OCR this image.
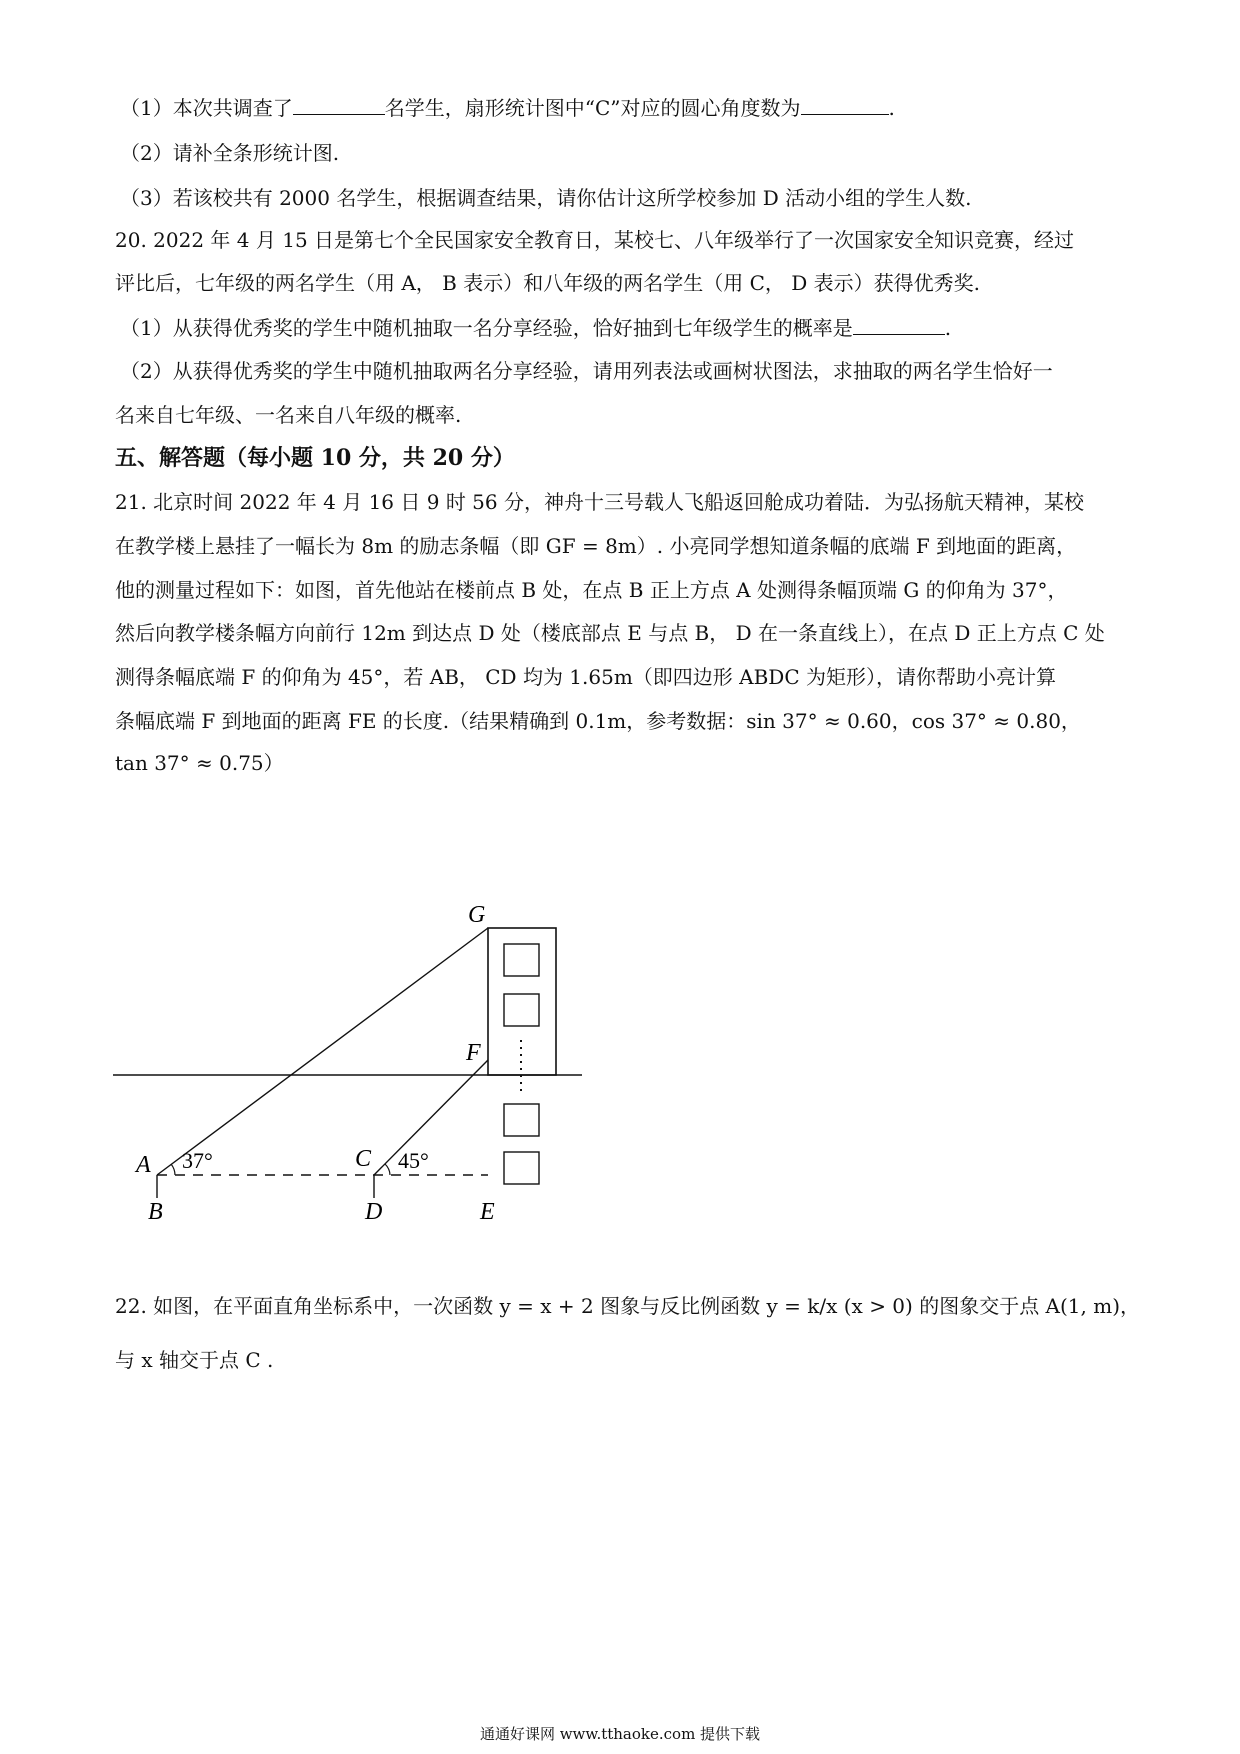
（1）本次共调查了	名学生，扇形统计图中“C”对应的圆心角度数为	.
（2）请补全条形统计图.
（3）若该校共有 2000 名学生，根据调查结果，请你估计这所学校参加 D 活动小组的学生人数.
20. 2022 年 4 月 15 日是第七个全民国家安全教育日，某校七、八年级举行了一次国家安全知识竞赛，经过
评比后，七年级的两名学生（用 A， B 表示）和八年级的两名学生（用 C， D 表示）获得优秀奖.
（1）从获得优秀奖的学生中随机抽取一名分享经验，恰好抽到七年级学生的概率是	.
（2）从获得优秀奖的学生中随机抽取两名分享经验，请用列表法或画树状图法，求抽取的两名学生恰好一
名来自七年级、一名来自八年级的概率.
五、解答题（每小题 10 分，共 20 分）
21. 北京时间 2022 年 4 月 16 日 9 时 56 分，神舟十三号载人飞船返回舱成功着陆．为弘扬航天精神，某校
在教学楼上悬挂了一幅长为 8m 的励志条幅（即 GF = 8m）. 小亮同学想知道条幅的底端 F 到地面的距离，
他的测量过程如下：如图，首先他站在楼前点 B 处，在点 B 正上方点 A 处测得条幅顶端 G 的仰角为 37°，
然后向教学楼条幅方向前行 12m 到达点 D 处（楼底部点 E 与点 B， D 在一条直线上），在点 D 正上方点 C 处
测得条幅底端 F 的仰角为 45°，若 AB， CD 均为 1.65m（即四边形 ABDC 为矩形），请你帮助小亮计算
条幅底端 F 到地面的距离 FE 的长度.（结果精确到 0.1m，参考数据：sin 37° ≈ 0.60，cos 37° ≈ 0.80，
tan 37° ≈ 0.75）
G
F
A	C
B	D	E
37°	45°
22. 如图，在平面直角坐标系中，一次函数 y = x + 2 图象与反比例函数 y = k/x (x > 0) 的图象交于点 A(1, m)，
与 x 轴交于点 C .
通通好课网 www.tthaoke.com 提供下载
